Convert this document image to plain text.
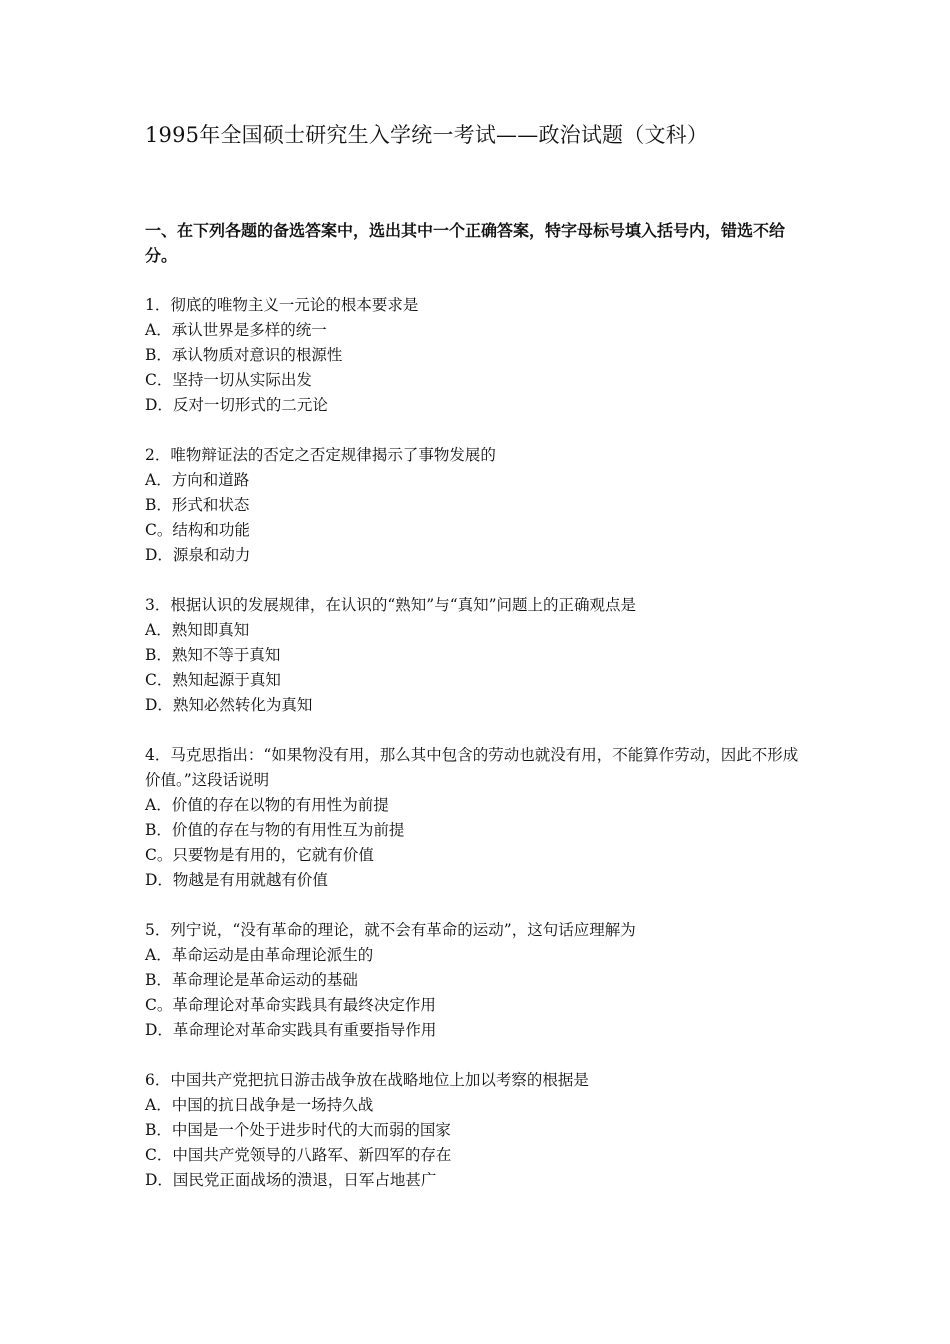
1995年全国硕士研究生入学统一考试——政治试题（文科）
一、在下列各题的备选答案中，选出其中一个正确答案，特字母标号填入括号内，错选不给分。
1．彻底的唯物主义一元论的根本要求是
A．承认世界是多样的统一
B．承认物质对意识的根源性
C．坚持一切从实际出发
D．反对一切形式的二元论
2．唯物辩证法的否定之否定规律揭示了事物发展的
A．方向和道路
B．形式和状态
C。结构和功能
D．源泉和动力
3．根据认识的发展规律，在认识的“熟知”与“真知”问题上的正确观点是
A．熟知即真知
B．熟知不等于真知
C．熟知起源于真知
D．熟知必然转化为真知
4．马克思指出：“如果物没有用，那么其中包含的劳动也就没有用，不能算作劳动，因此不形成价值。”这段话说明
A．价值的存在以物的有用性为前提
B．价值的存在与物的有用性互为前提
C。只要物是有用的，它就有价值
D．物越是有用就越有价值
5．列宁说，“没有革命的理论，就不会有革命的运动”，这句话应理解为
A．革命运动是由革命理论派生的
B．革命理论是革命运动的基础
C。革命理论对革命实践具有最终决定作用
D．革命理论对革命实践具有重要指导作用
6．中国共产党把抗日游击战争放在战略地位上加以考察的根据是
A．中国的抗日战争是一场持久战
B．中国是一个处于进步时代的大而弱的国家
C．中国共产党领导的八路军、新四军的存在
D．国民党正面战场的溃退，日军占地甚广
